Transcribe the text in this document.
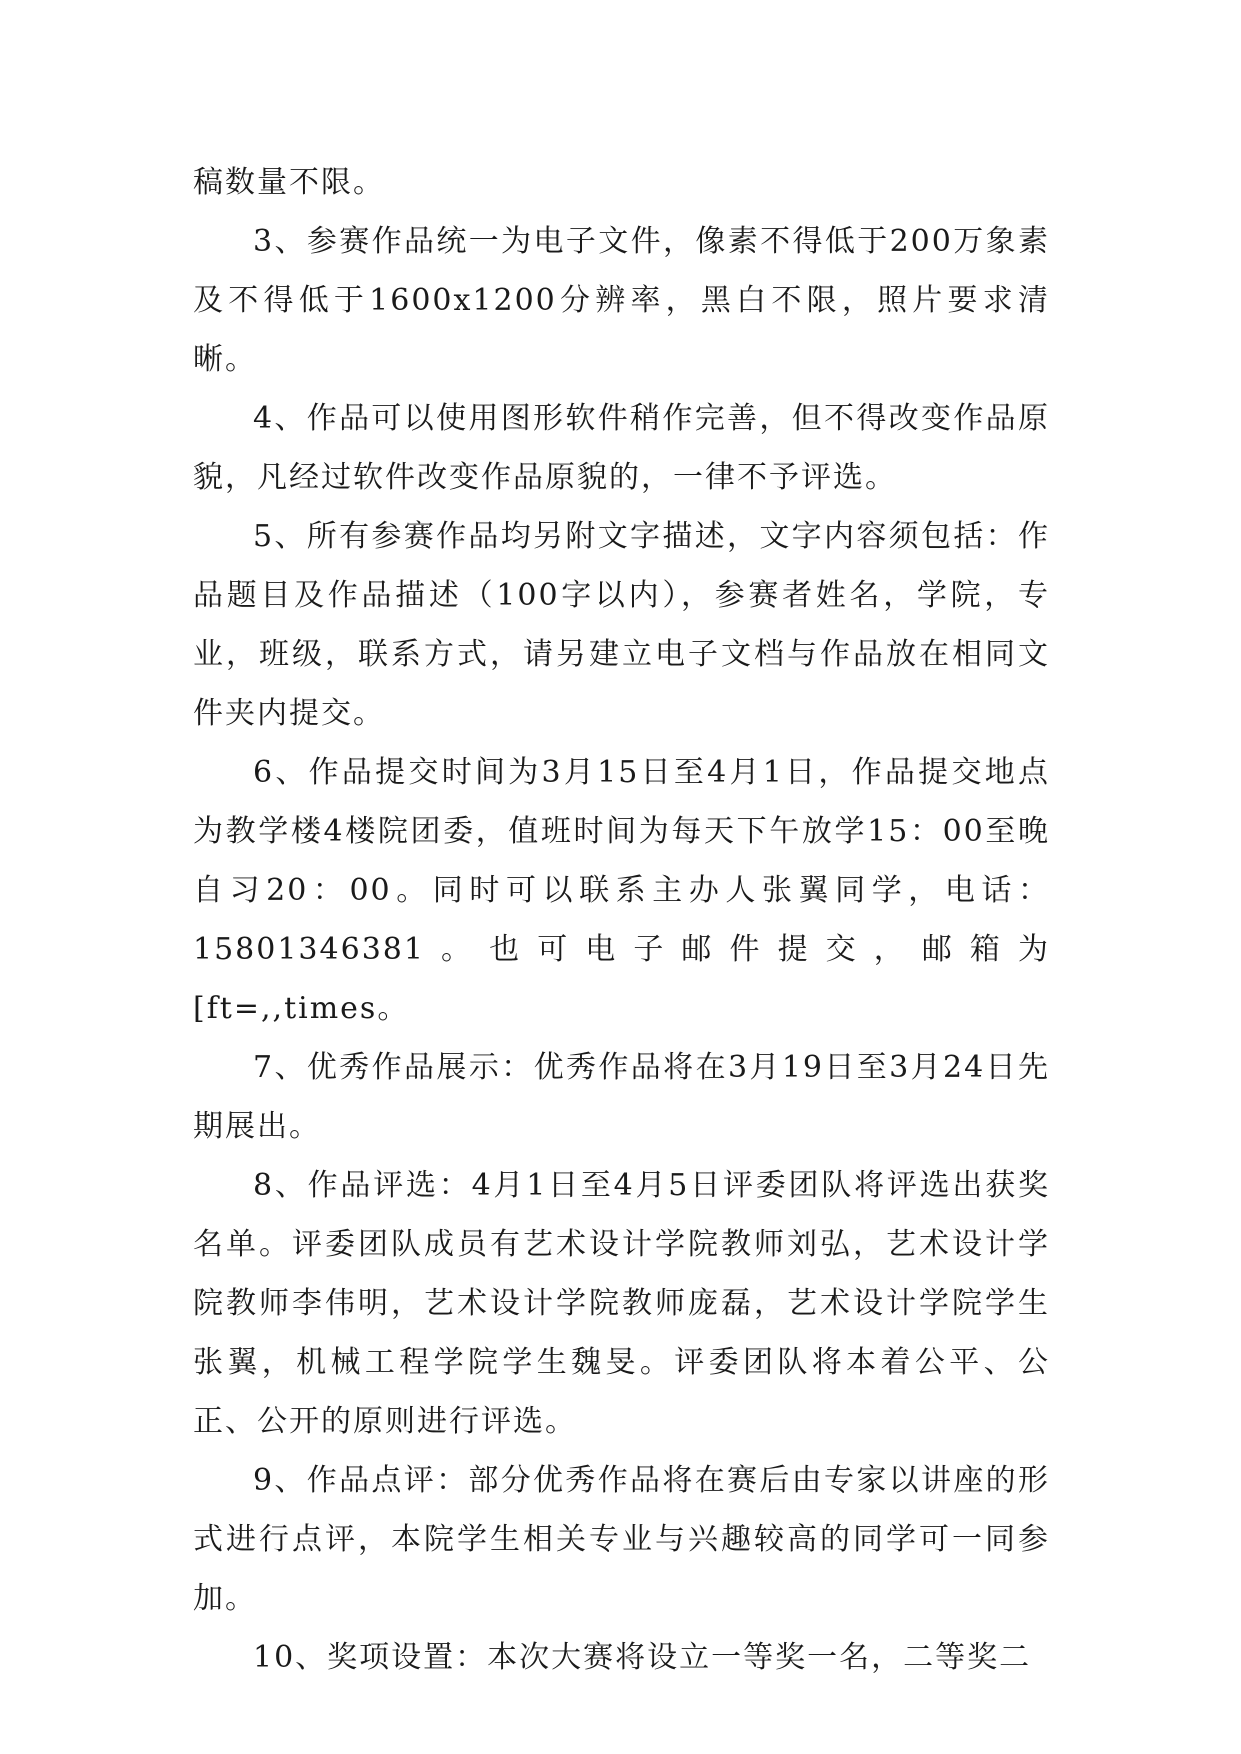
稿数量不限。

3、参赛作品统一为电子文件，像素不得低于200万象素及不得低于1600x1200分辨率，黑白不限，照片要求清晰。

4、作品可以使用图形软件稍作完善，但不得改变作品原貌，凡经过软件改变作品原貌的，一律不予评选。

5、所有参赛作品均另附文字描述，文字内容须包括：作品题目及作品描述（100字以内），参赛者姓名，学院，专业，班级，联系方式，请另建立电子文档与作品放在相同文件夹内提交。

6、作品提交时间为3月15日至4月1日，作品提交地点为教学楼4楼院团委，值班时间为每天下午放学15：00至晚自习20：00。同时可以联系主办人张翼同学，电话：15801346381。也可电子邮件提交，邮箱为[ft=,,times。

7、优秀作品展示：优秀作品将在3月19日至3月24日先期展出。

8、作品评选：4月1日至4月5日评委团队将评选出获奖名单。评委团队成员有艺术设计学院教师刘弘，艺术设计学院教师李伟明，艺术设计学院教师庞磊，艺术设计学院学生张翼，机械工程学院学生魏旻。评委团队将本着公平、公正、公开的原则进行评选。

9、作品点评：部分优秀作品将在赛后由专家以讲座的形式进行点评，本院学生相关专业与兴趣较高的同学可一同参加。

10、奖项设置：本次大赛将设立一等奖一名，二等奖二
